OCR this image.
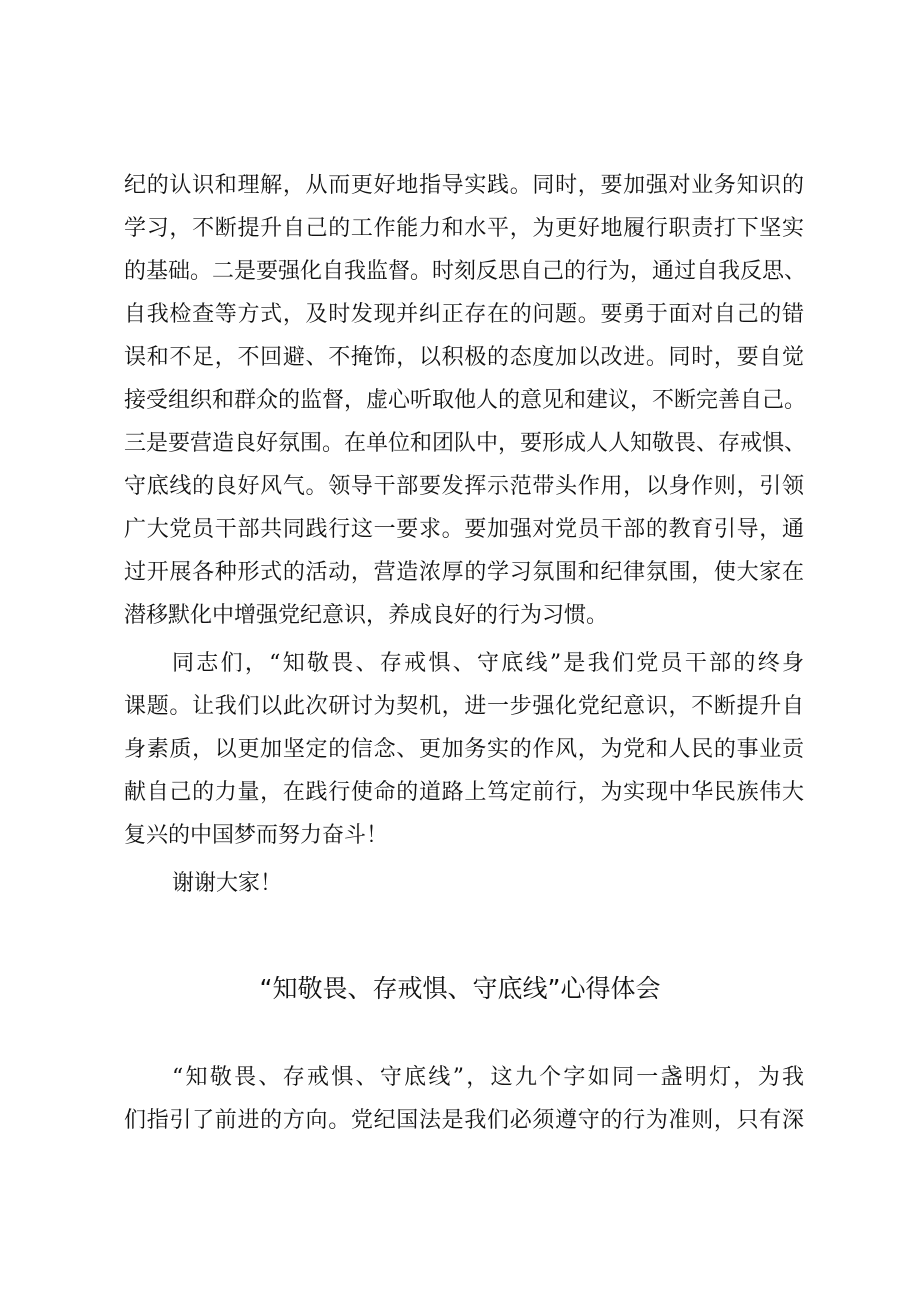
纪的认识和理解，从而更好地指导实践。同时，要加强对业务知识的
学习，不断提升自己的工作能力和水平，为更好地履行职责打下坚实
的基础。二是要强化自我监督。时刻反思自己的行为，通过自我反思、
自我检查等方式，及时发现并纠正存在的问题。要勇于面对自己的错
误和不足，不回避、不掩饰，以积极的态度加以改进。同时，要自觉
接受组织和群众的监督，虚心听取他人的意见和建议，不断完善自己。
三是要营造良好氛围。在单位和团队中，要形成人人知敬畏、存戒惧、
守底线的良好风气。领导干部要发挥示范带头作用，以身作则，引领
广大党员干部共同践行这一要求。要加强对党员干部的教育引导，通
过开展各种形式的活动，营造浓厚的学习氛围和纪律氛围，使大家在
潜移默化中增强党纪意识，养成良好的行为习惯。
同志们，“知敬畏、存戒惧、守底线”是我们党员干部的终身
课题。让我们以此次研讨为契机，进一步强化党纪意识，不断提升自
身素质，以更加坚定的信念、更加务实的作风，为党和人民的事业贡
献自己的力量，在践行使命的道路上笃定前行，为实现中华民族伟大
复兴的中国梦而努力奋斗！
谢谢大家！
“知敬畏、存戒惧、守底线”心得体会
“知敬畏、存戒惧、守底线”，这九个字如同一盏明灯，为我
们指引了前进的方向。党纪国法是我们必须遵守的行为准则，只有深
